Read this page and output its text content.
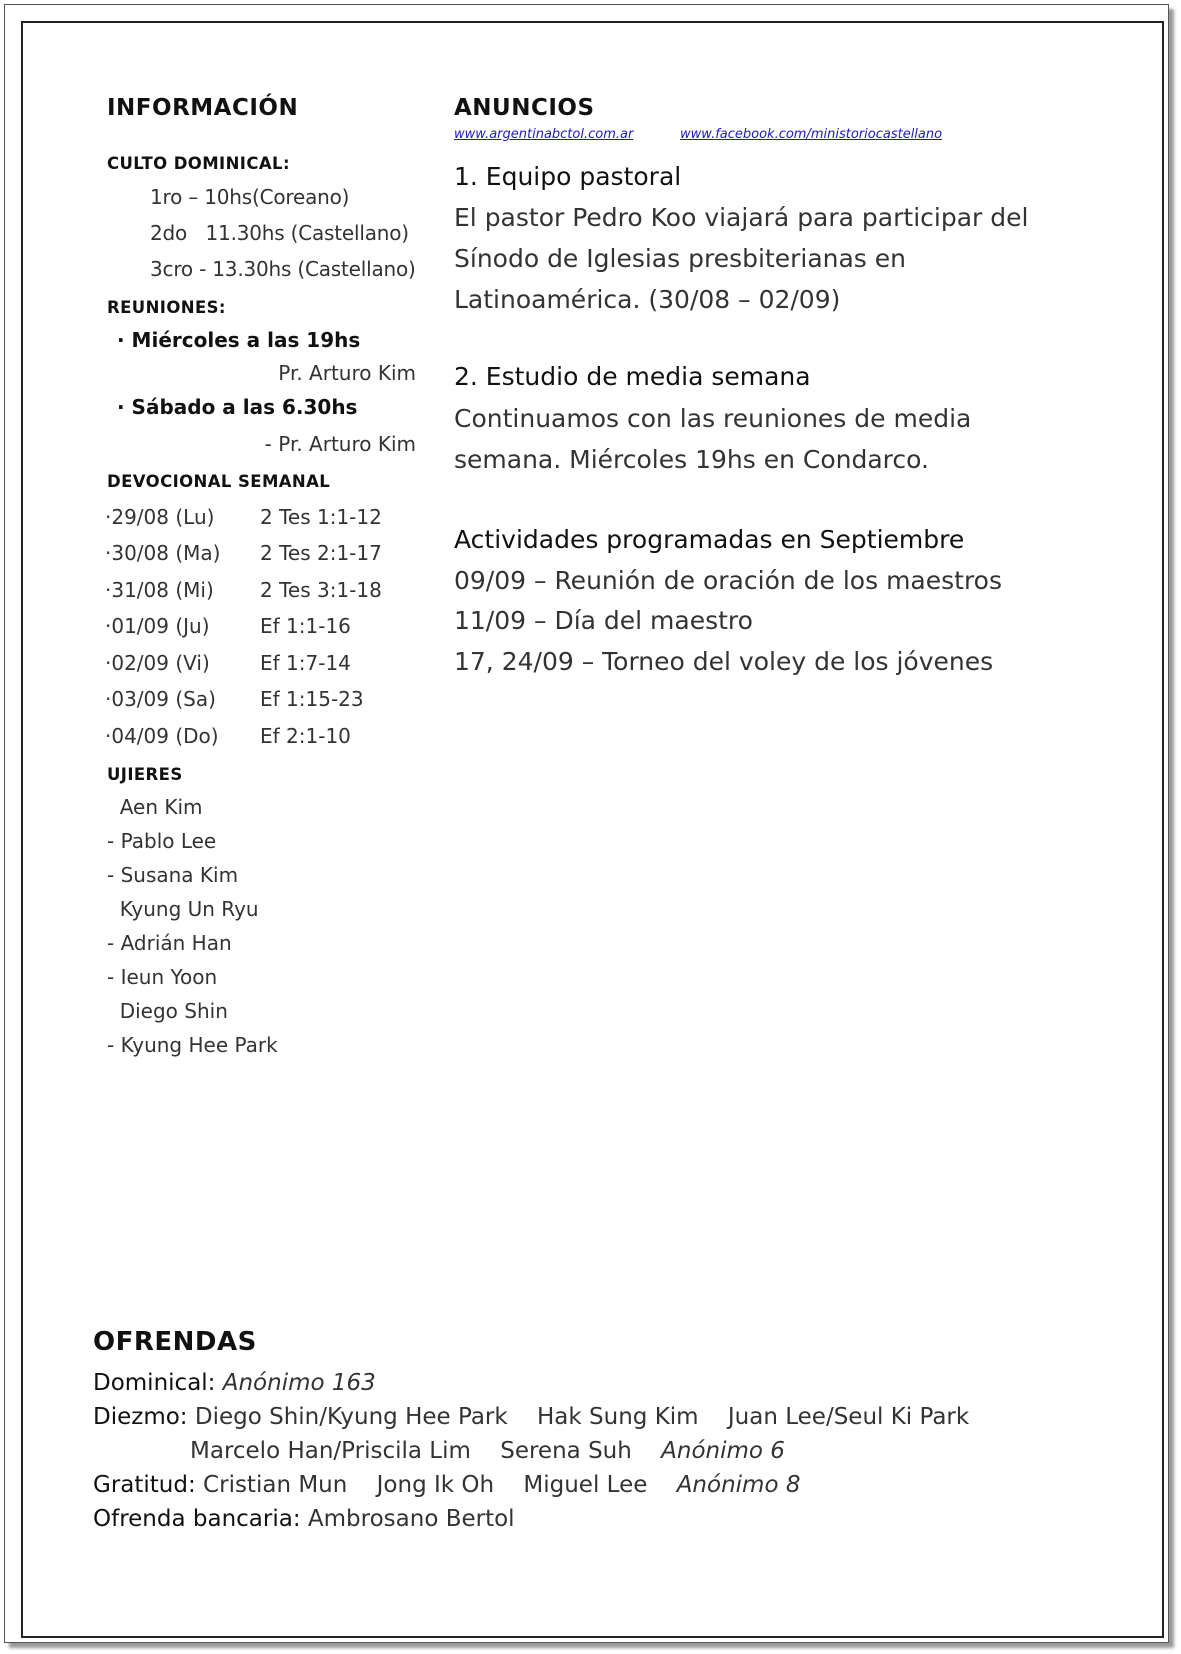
INFORMACIÓN
CULTO DOMINICAL:
1ro – 10hs(Coreano)
2do   11.30hs (Castellano)
3cro - 13.30hs (Castellano)
REUNIONES:
· Miércoles a las 19hs
Pr. Arturo Kim
· Sábado a las 6.30hs
- Pr. Arturo Kim
DEVOCIONAL SEMANAL
·29/08 (Lu) 2 Tes 1:1-12
·30/08 (Ma) 2 Tes 2:1-17
·31/08 (Mi) 2 Tes 3:1-18
·01/09 (Ju)	Ef 1:1-16
·02/09 (Vi)	Ef 1:7-14
·03/09 (Sa) Ef 1:15-23
·04/09 (Do) Ef 2:1-10
UJIERES
Aen Kim
- Pablo Lee
- Susana Kim
Kyung Un Ryu
- Adrián Han
- Ieun Yoon
Diego Shin
- Kyung Hee Park
ANUNCIOS
www.argentinabctol.com.ar	www.facebook.com/ministoriocastellano
1. Equipo pastoral

El pastor Pedro Koo viajará para participar del Sínodo de Iglesias presbiterianas en Latinoamérica. (30/08 – 02/09)

2. Estudio de media semana

Continuamos con las reuniones de media semana. Miércoles 19hs en Condarco.

Actividades programadas en Septiembre
09/09 – Reunión de oración de los maestros
11/09 – Día del maestro
17, 24/09 – Torneo del voley de los jóvenes
OFRENDAS
Dominical: Anónimo 163
Diezmo: Diego Shin/Kyung Hee Park Hak Sung Kim Juan Lee/Seul Ki Park
Marcelo Han/Priscila Lim Serena Suh Anónimo 6
Gratitud: Cristian Mun Jong Ik Oh Miguel Lee Anónimo 8
Ofrenda bancaria: Ambrosano Bertol
